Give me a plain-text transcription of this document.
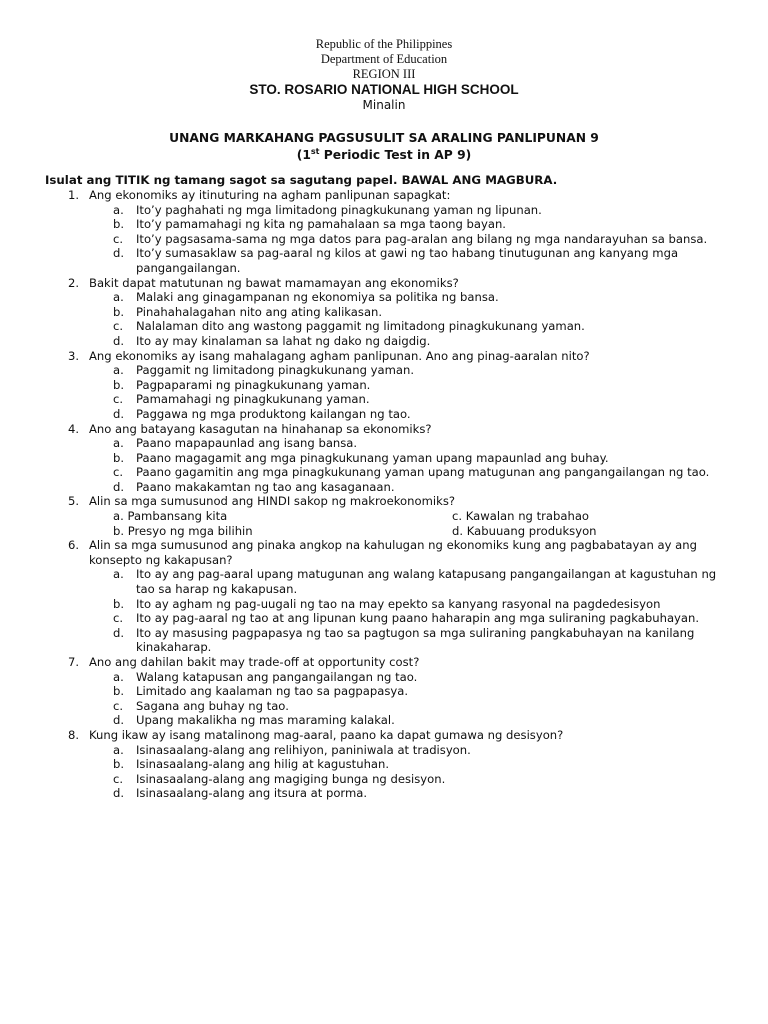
Republic of the Philippines
Department of Education
REGION III
STO. ROSARIO NATIONAL HIGH SCHOOL
Minalin
UNANG MARKAHANG PAGSUSULIT SA ARALING PANLIPUNAN 9
(1st Periodic Test in AP 9)
Isulat ang TITIK ng tamang sagot sa sagutang papel. BAWAL ANG MAGBURA.
1. Ang ekonomiks ay itinuturing na agham panlipunan sapagkat:
a. Ito’y paghahati ng mga limitadong pinagkukunang yaman ng lipunan.
b. Ito’y pamamahagi ng kita ng pamahalaan sa mga taong bayan.
c. Ito’y pagsasama-sama ng mga datos para pag-aralan ang bilang ng mga nandarayuhan sa bansa.
d. Ito’y sumasaklaw sa pag-aaral ng kilos at gawi ng tao habang tinutugunan ang kanyang mga pangangailangan.
2. Bakit dapat matutunan ng bawat mamamayan ang ekonomiks?
a. Malaki ang ginagampanan ng ekonomiya sa politika ng bansa.
b. Pinahahalagahan nito ang ating kalikasan.
c. Nalalaman dito ang wastong paggamit ng limitadong pinagkukunang yaman.
d. Ito ay may kinalaman sa lahat ng dako ng daigdig.
3. Ang ekonomiks ay isang mahalagang agham panlipunan. Ano ang pinag-aaralan nito?
a. Paggamit ng limitadong pinagkukunang yaman.
b. Pagpaparami ng pinagkukunang yaman.
c. Pamamahagi ng pinagkukunang yaman.
d. Paggawa ng mga produktong kailangan ng tao.
4. Ano ang batayang kasagutan na hinahanap sa ekonomiks?
a. Paano mapapaunlad ang isang bansa.
b. Paano magagamit ang mga pinagkukunang yaman upang mapaunlad ang buhay.
c. Paano gagamitin ang mga pinagkukunang yaman upang matugunan ang pangangailangan ng tao.
d. Paano makakamtan ng tao ang kasaganaan.
5. Alin sa mga sumusunod ang HINDI sakop ng makroekonomiks?
a. Pambansang kita	c. Kawalan ng trabahao
b. Presyo ng mga bilihin	d. Kabuuang produksyon
6. Alin sa mga sumusunod ang pinaka angkop na kahulugan ng ekonomiks kung ang pagbabatayan ay ang konsepto ng kakapusan?
a. Ito ay ang pag-aaral upang matugunan ang walang katapusang pangangailangan at kagustuhan ng tao sa harap ng kakapusan.
b. Ito ay agham ng pag-uugali ng tao na may epekto sa kanyang rasyonal na pagdedesisyon
c. Ito ay pag-aaral ng tao at ang lipunan kung paano haharapin ang mga suliraning pagkabuhayan.
d. Ito ay masusing pagpapasya ng tao sa pagtugon sa mga suliraning pangkabuhayan na kanilang kinakaharap.
7. Ano ang dahilan bakit may trade-off at opportunity cost?
a. Walang katapusan ang pangangailangan ng tao.
b. Limitado ang kaalaman ng tao sa pagpapasya.
c. Sagana ang buhay ng tao.
d. Upang makalikha ng mas maraming kalakal.
8. Kung ikaw ay isang matalinong mag-aaral, paano ka dapat gumawa ng desisyon?
a. Isinasaalang-alang ang relihiyon, paniniwala at tradisyon.
b. Isinasaalang-alang ang hilig at kagustuhan.
c. Isinasaalang-alang ang magiging bunga ng desisyon.
d. Isinasaalang-alang ang itsura at porma.
